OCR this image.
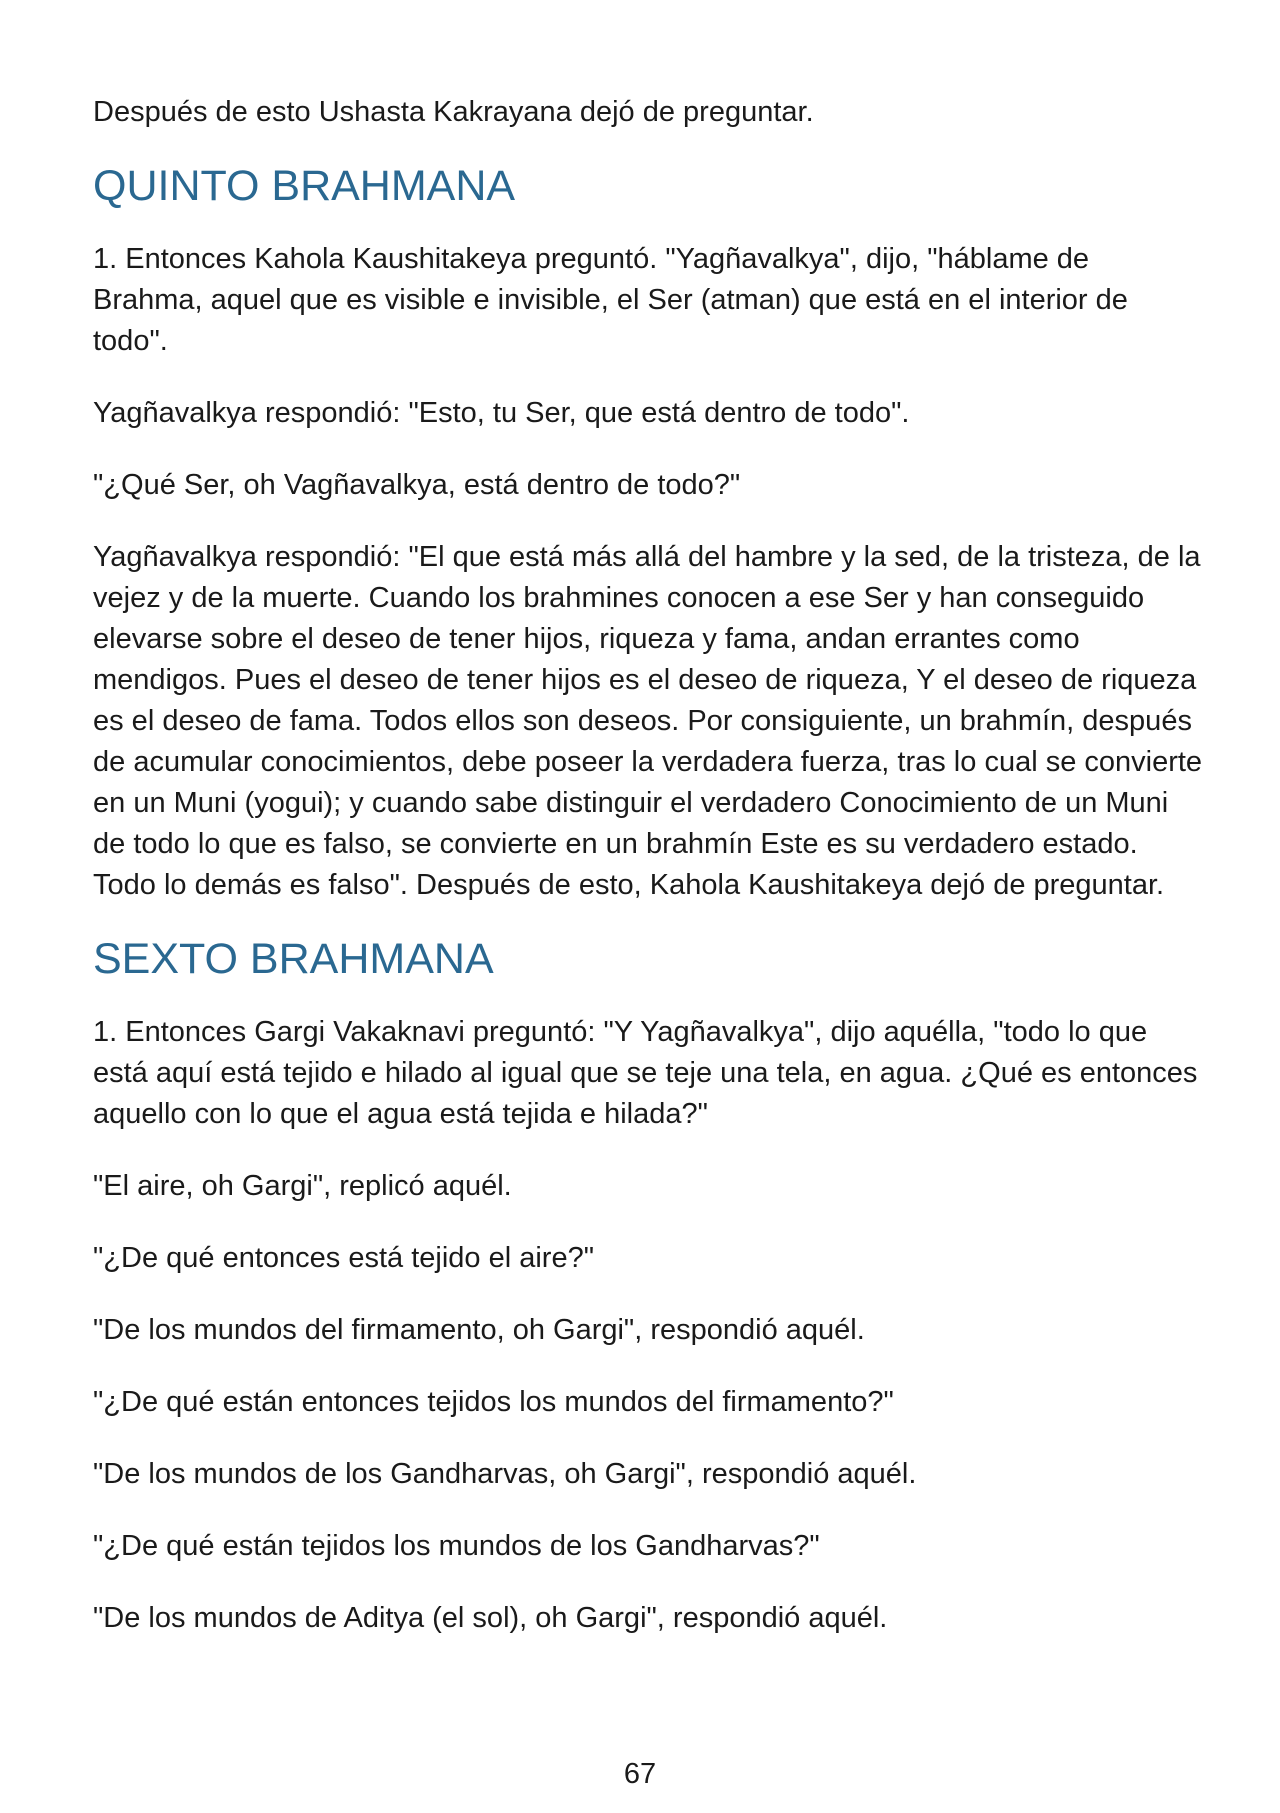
Después de esto Ushasta Kakrayana dejó de preguntar.

QUINTO BRAHMANA

1. Entonces Kahola Kaushitakeya preguntó. "Yagñavalkya", dijo, "háblame de Brahma, aquel que es visible e invisible, el Ser (atman) que está en el interior de todo".

Yagñavalkya respondió: "Esto, tu Ser, que está dentro de todo".

"¿Qué Ser, oh Vagñavalkya, está dentro de todo?"

Yagñavalkya respondió: "El que está más allá del hambre y la sed, de la tristeza, de la vejez y de la muerte. Cuando los brahmines conocen a ese Ser y han conseguido elevarse sobre el deseo de tener hijos, riqueza y fama, andan errantes como mendigos. Pues el deseo de tener hijos es el deseo de riqueza, Y el deseo de riqueza es el deseo de fama. Todos ellos son deseos. Por consiguiente, un brahmín, después de acumular conocimientos, debe poseer la verdadera fuerza, tras lo cual se convierte en un Muni (yogui); y cuando sabe distinguir el verdadero Conocimiento de un Muni de todo lo que es falso, se convierte en un brahmín Este es su verdadero estado. Todo lo demás es falso". Después de esto, Kahola Kaushitakeya dejó de preguntar.

SEXTO BRAHMANA

1. Entonces Gargi Vakaknavi preguntó: "Y Yagñavalkya", dijo aquélla, "todo lo que está aquí está tejido e hilado al igual que se teje una tela, en agua. ¿Qué es entonces aquello con lo que el agua está tejida e hilada?"

"El aire, oh Gargi", replicó aquél.

"¿De qué entonces está tejido el aire?"

"De los mundos del firmamento, oh Gargi", respondió aquél.

"¿De qué están entonces tejidos los mundos del firmamento?"

"De los mundos de los Gandharvas, oh Gargi", respondió aquél.

"¿De qué están tejidos los mundos de los Gandharvas?"

"De los mundos de Aditya (el sol), oh Gargi", respondió aquél.

67
